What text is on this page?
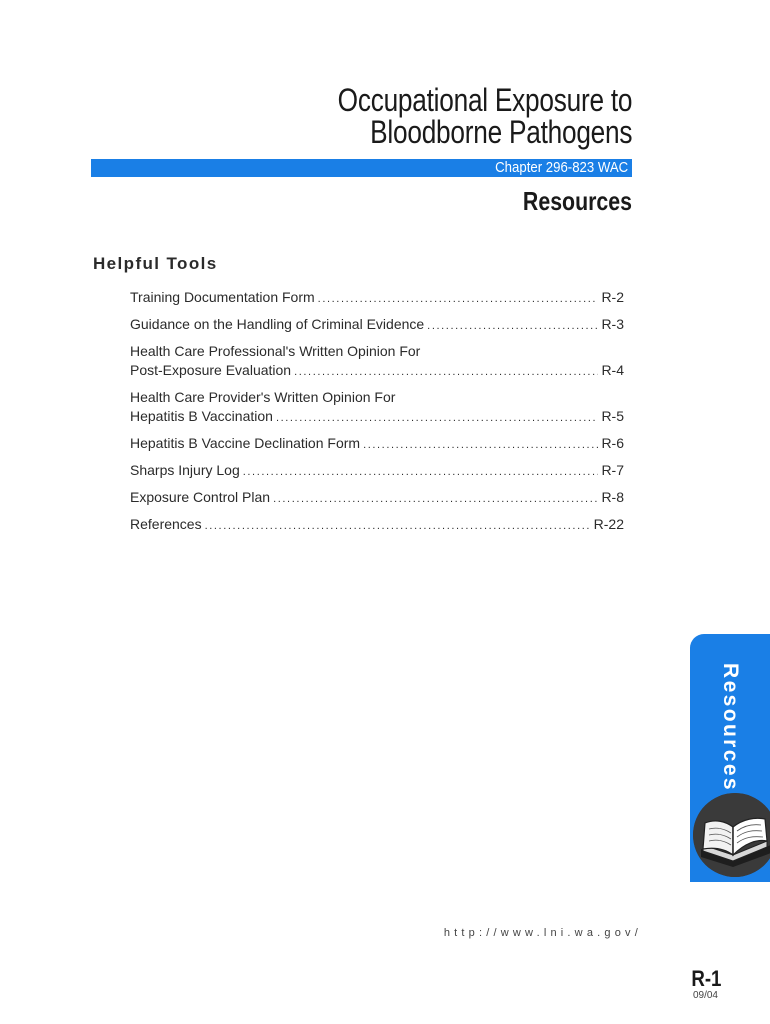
Occupational Exposure to
Bloodborne Pathogens
Chapter 296-823 WAC
Resources
Helpful Tools
Training Documentation Form .....	R-2
Guidance on the Handling of Criminal Evidence .....	R-3
Health Care Professional's Written Opinion For
Post-Exposure Evaluation .....	R-4
Health Care Provider's Written Opinion For
Hepatitis B Vaccination .....	R-5
Hepatitis B Vaccine Declination Form .....	R-6
Sharps Injury Log .....	R-7
Exposure Control Plan .....	R-8
References .....	R-22
Resources
http://www.lni.wa.gov/
R-1
09/04
